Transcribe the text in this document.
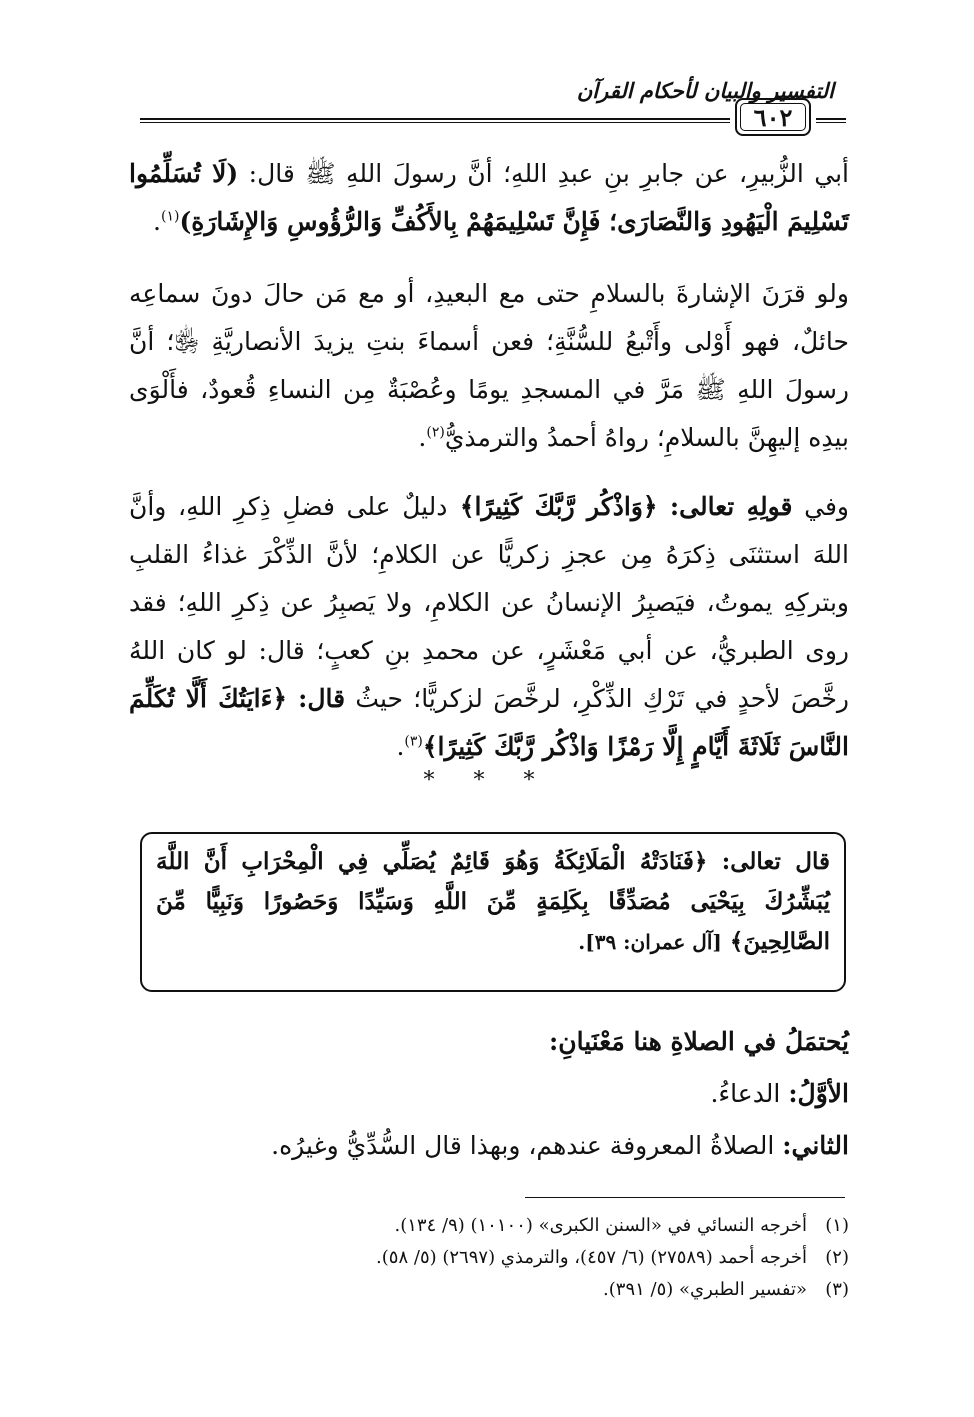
التفسير والبيان لأحكام القرآن
٦٠٢

أبي الزُّبيرِ، عن جابرِ بنِ عبدِ اللهِ؛ أنَّ رسولَ اللهِ ﷺ قال: (لَا تُسَلِّمُوا تَسْلِيمَ الْيَهُودِ وَالنَّصَارَى؛ فَإِنَّ تَسْلِيمَهُمْ بِالأَكُفِّ وَالرُّؤُوسِ وَالإِشَارَةِ)$^{(١)}$.

ولو قرَنَ الإشارةَ بالسلامِ حتى مع البعيدِ، أو مع مَن حالَ دونَ سماعِه حائلٌ، فهو أَوْلى وأَتْبعُ للسُّنَّةِ؛ فعن أسماءَ بنتِ يزيدَ الأنصاريَّةِ ﵂؛ أنَّ رسولَ اللهِ ﷺ مَرَّ في المسجدِ يومًا وعُصْبَةٌ مِن النساءِ قُعودٌ، فأَلْوَى بيدِه إليهِنَّ بالسلامِ؛ رواهُ أحمدُ والترمذيُّ$^{(٢)}$.

وفي قولِهِ تعالى: ﴿وَاذْكُر رَّبَّكَ كَثِيرًا﴾ دليلٌ على فضلِ ذِكرِ اللهِ، وأنَّ اللهَ استثنَى ذِكرَهُ مِن عجزِ زكريًّا عن الكلامِ؛ لأنَّ الذِّكْرَ غذاءُ القلبِ وبتركِهِ يموتُ، فيَصبِرُ الإنسانُ عن الكلامِ، ولا يَصبِرُ عن ذِكرِ اللهِ؛ فقد روى الطبريُّ، عن أبي مَعْشَرٍ، عن محمدِ بنِ كعبٍ؛ قال: لو كان اللهُ رخَّصَ لأحدٍ في تَرْكِ الذِّكْرِ، لرخَّصَ لزكريًّا؛ حيثُ قال: ﴿ءَايَتُكَ أَلَّا تُكَلِّمَ النَّاسَ ثَلَاثَةَ أَيَّامٍ إِلَّا رَمْزًا وَاذْكُر رَّبَّكَ كَثِيرًا﴾$^{(٣)}$.

* * *

قال تعالى: ﴿فَنَادَتْهُ الْمَلَائِكَةُ وَهُوَ قَائِمٌ يُصَلِّي فِي الْمِحْرَابِ أَنَّ اللَّهَ يُبَشِّرُكَ بِيَحْيَى مُصَدِّقًا بِكَلِمَةٍ مِّنَ اللَّهِ وَسَيِّدًا وَحَصُورًا وَنَبِيًّا مِّنَ الصَّالِحِينَ﴾ [آل عمران: ٣٩].

يُحتمَلُ في الصلاةِ هنا مَعْنَيانِ:

الأوَّلُ: الدعاءُ.

الثاني: الصلاةُ المعروفة عندهم، وبهذا قال السُّدِّيُّ وغيرُه.

(١)
أخرجه النسائي في «السنن الكبرى» (١٠١٠٠) (٩/ ١٣٤).

(٢)
أخرجه أحمد (٢٧٥٨٩) (٦/ ٤٥٧)، والترمذي (٢٦٩٧) (٥/ ٥٨).

(٣)
«تفسير الطبري» (٥/ ٣٩١).
